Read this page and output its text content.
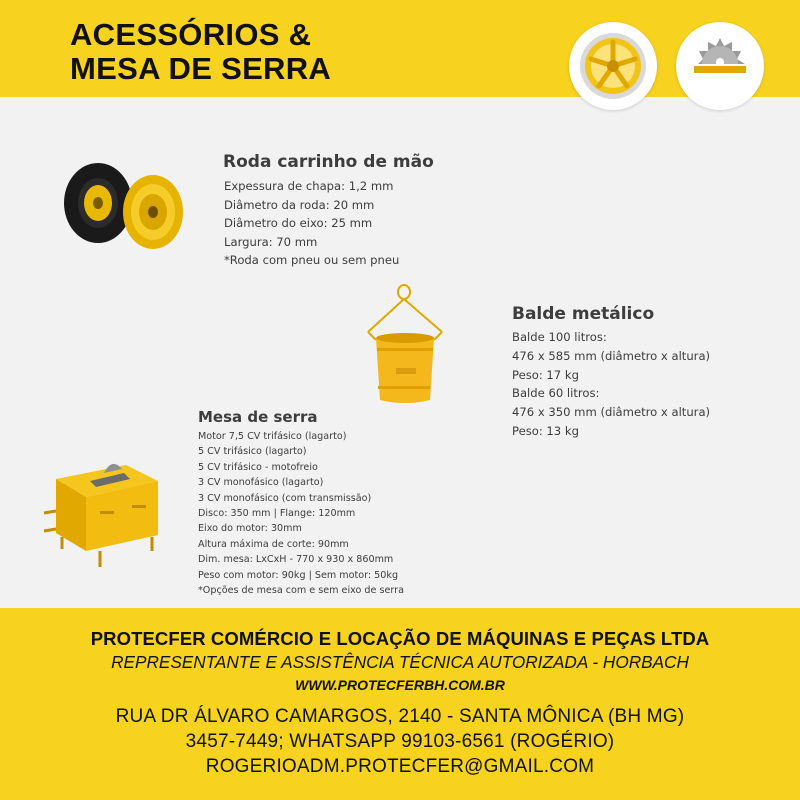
ACESSÓRIOS &
MESA DE SERRA
Roda carrinho de mão
Expessura de chapa: 1,2 mm
Diâmetro da roda: 20 mm
Diâmetro do eixo: 25 mm
Largura: 70 mm
*Roda com pneu ou sem pneu
Balde metálico
Balde 100 litros:
476 x 585 mm (diâmetro x altura)
Peso: 17 kg
Balde 60 litros:
476 x 350 mm (diâmetro x altura)
Peso: 13 kg
Mesa de serra
Motor 7,5 CV trifásico (lagarto)
5 CV trifásico (lagarto)
5 CV trifásico - motofreio
3 CV monofásico (lagarto)
3 CV monofásico (com transmissão)
Disco: 350 mm | Flange: 120mm
Eixo do motor: 30mm
Altura máxima de corte: 90mm
Dim. mesa: LxCxH - 770 x 930 x 860mm
Peso com motor: 90kg | Sem motor: 50kg
*Opções de mesa com e sem eixo de serra
PROTECFER COMÉRCIO E LOCAÇÃO DE MÁQUINAS E PEÇAS LTDA
REPRESENTANTE E ASSISTÊNCIA TÉCNICA AUTORIZADA - HORBACH
WWW.PROTECFERBH.COM.BR
RUA DR ÁLVARO CAMARGOS, 2140 - SANTA MÔNICA (BH MG)
3457-7449; WHATSAPP 99103-6561 (ROGÉRIO)
ROGERIOADM.PROTECFER@GMAIL.COM
